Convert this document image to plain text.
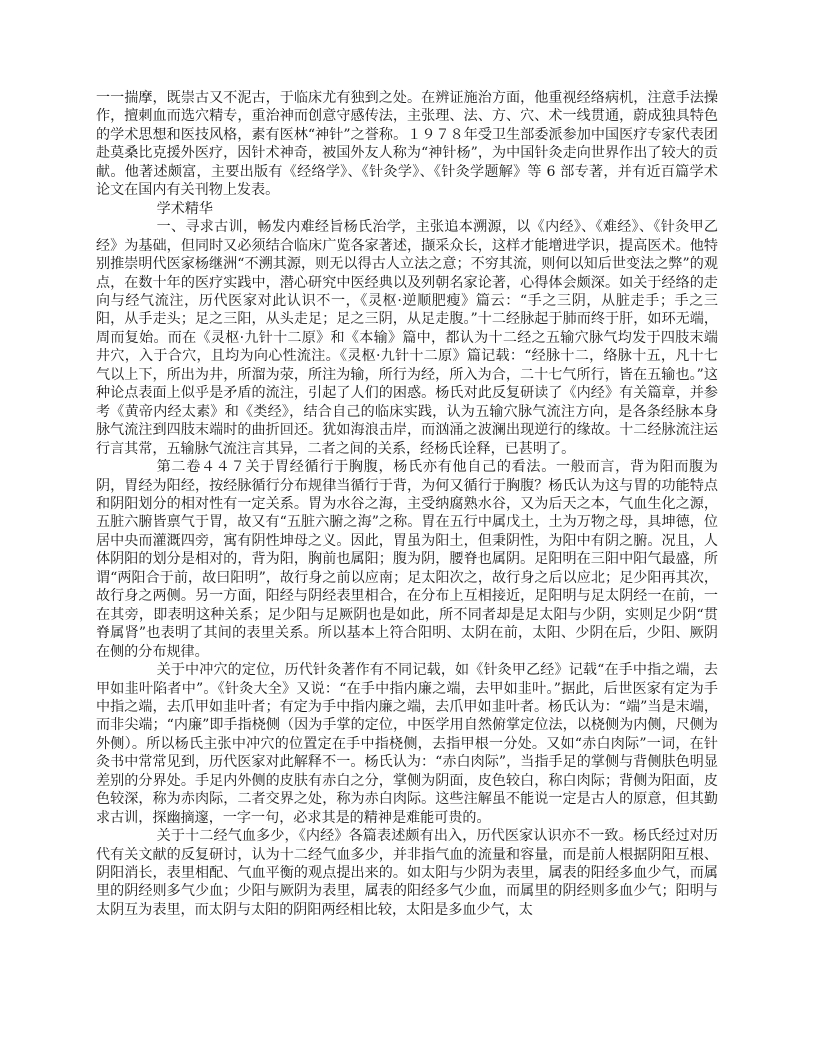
一一揣摩，既崇古又不泥古，于临床尤有独到之处。在辨证施治方面，他重视经络病机，注意手法操作，擅刺血而选穴精专，重治神而创意守感传法，主张理、法、方、穴、术一线贯通，蔚成独具特色的学术思想和医技风格，素有医林“神针”之誉称。１９７８年受卫生部委派参加中国医疗专家代表团赴莫桑比克援外医疗，因针术神奇，被国外友人称为“神针杨”，为中国针灸走向世界作出了较大的贡献。他著述颇富，主要出版有《经络学》、《针灸学》、《针灸学题解》等 6 部专著，并有近百篇学术论文在国内有关刊物上发表。

学术精华

一、寻求古训，畅发内难经旨杨氏治学，主张追本溯源，以《内经》、《难经》、《针灸甲乙经》为基础，但同时又必须结合临床广览各家著述，撷采众长，这样才能增进学识，提高医术。他特别推崇明代医家杨继洲“不溯其源，则无以得古人立法之意；不穷其流，则何以知后世变法之弊”的观点，在数十年的医疗实践中，潜心研究中医经典以及列朝名家论著，心得体会颇深。如关于经络的走向与经气流注，历代医家对此认识不一，《灵枢·逆顺肥瘦》篇云：“手之三阴，从脏走手；手之三阳，从手走头；足之三阳，从头走足；足之三阴，从足走腹。”十二经脉起于肺而终于肝，如环无端，周而复始。而在《灵枢·九针十二原》和《本输》篇中，都认为十二经之五输穴脉气均发于四肢末端井穴，入于合穴，且均为向心性流注。《灵枢·九针十二原》篇记载：“经脉十二，络脉十五，凡十七气以上下，所出为井，所溜为荥，所注为输，所行为经，所入为合，二十七气所行，皆在五输也。”这种论点表面上似乎是矛盾的流注，引起了人们的困惑。杨氏对此反复研读了《内经》有关篇章，并参考《黄帝内经太素》和《类经》，结合自己的临床实践，认为五输穴脉气流注方向，是各条经脉本身脉气流注到四肢末端时的曲折回还。犹如海浪击岸，而汹涌之波澜出现逆行的缘故。十二经脉流注运行言其常，五输脉气流注言其异，二者之间的关系，经杨氏诠释，已甚明了。

第二卷４４７关于胃经循行于胸腹，杨氏亦有他自己的看法。一般而言，背为阳而腹为阴，胃经为阳经，按经脉循行分布规律当循行于背，为何又循行于胸腹？杨氏认为这与胃的功能特点和阴阳划分的相对性有一定关系。胃为水谷之海，主受纳腐熟水谷，又为后天之本，气血生化之源，五脏六腑皆禀气于胃，故又有“五脏六腑之海”之称。胃在五行中属戊土，土为万物之母，具坤德，位居中央而灌溉四旁，寓有阴性坤母之义。因此，胃虽为阳土，但秉阴性，为阳中有阴之腑。况且，人体阴阳的划分是相对的，背为阳，胸前也属阳；腹为阴，腰脊也属阴。足阳明在三阳中阳气最盛，所谓“两阳合于前，故曰阳明”，故行身之前以应南；足太阳次之，故行身之后以应北；足少阳再其次，故行身之两侧。另一方面，阳经与阴经表里相合，在分布上互相接近，足阳明与足太阴经一在前，一在其旁，即表明这种关系；足少阳与足厥阴也是如此，所不同者却是足太阳与少阴，实则足少阴“贯脊属肾”也表明了其间的表里关系。所以基本上符合阳明、太阴在前，太阳、少阴在后，少阳、厥阴在侧的分布规律。

关于中冲穴的定位，历代针灸著作有不同记载，如《针灸甲乙经》记载“在手中指之端，去甲如韭叶陷者中”。《针灸大全》又说：“在手中指内廉之端，去甲如韭叶。”据此，后世医家有定为手中指之端，去爪甲如韭叶者；有定为手中指内廉之端，去爪甲如韭叶者。杨氏认为：“端”当是末端，而非尖端；“内廉”即手指桡侧（因为手掌的定位，中医学用自然俯掌定位法，以桡侧为内侧，尺侧为外侧）。所以杨氏主张中冲穴的位置定在手中指桡侧，去指甲根一分处。又如“赤白肉际”一词，在针灸书中常常见到，历代医家对此解释不一。杨氏认为：“赤白肉际”，当指手足的掌侧与背侧肤色明显差别的分界处。手足内外侧的皮肤有赤白之分，掌侧为阴面，皮色较白，称白肉际；背侧为阳面，皮色较深，称为赤肉际，二者交界之处，称为赤白肉际。这些注解虽不能说一定是古人的原意，但其勤求古训，探幽摘邃，一字一句，必求其是的精神是难能可贵的。

关于十二经气血多少，《内经》各篇表述颇有出入，历代医家认识亦不一致。杨氏经过对历代有关文献的反复研讨，认为十二经气血多少，并非指气血的流量和容量，而是前人根据阴阳互根、阴阳消长，表里相配、气血平衡的观点提出来的。如太阳与少阴为表里，属表的阳经多血少气，而属里的阴经则多气少血；少阳与厥阴为表里，属表的阳经多气少血，而属里的阴经则多血少气；阳明与太阴互为表里，而太阴与太阳的阴阳两经相比较，太阳是多血少气，太
